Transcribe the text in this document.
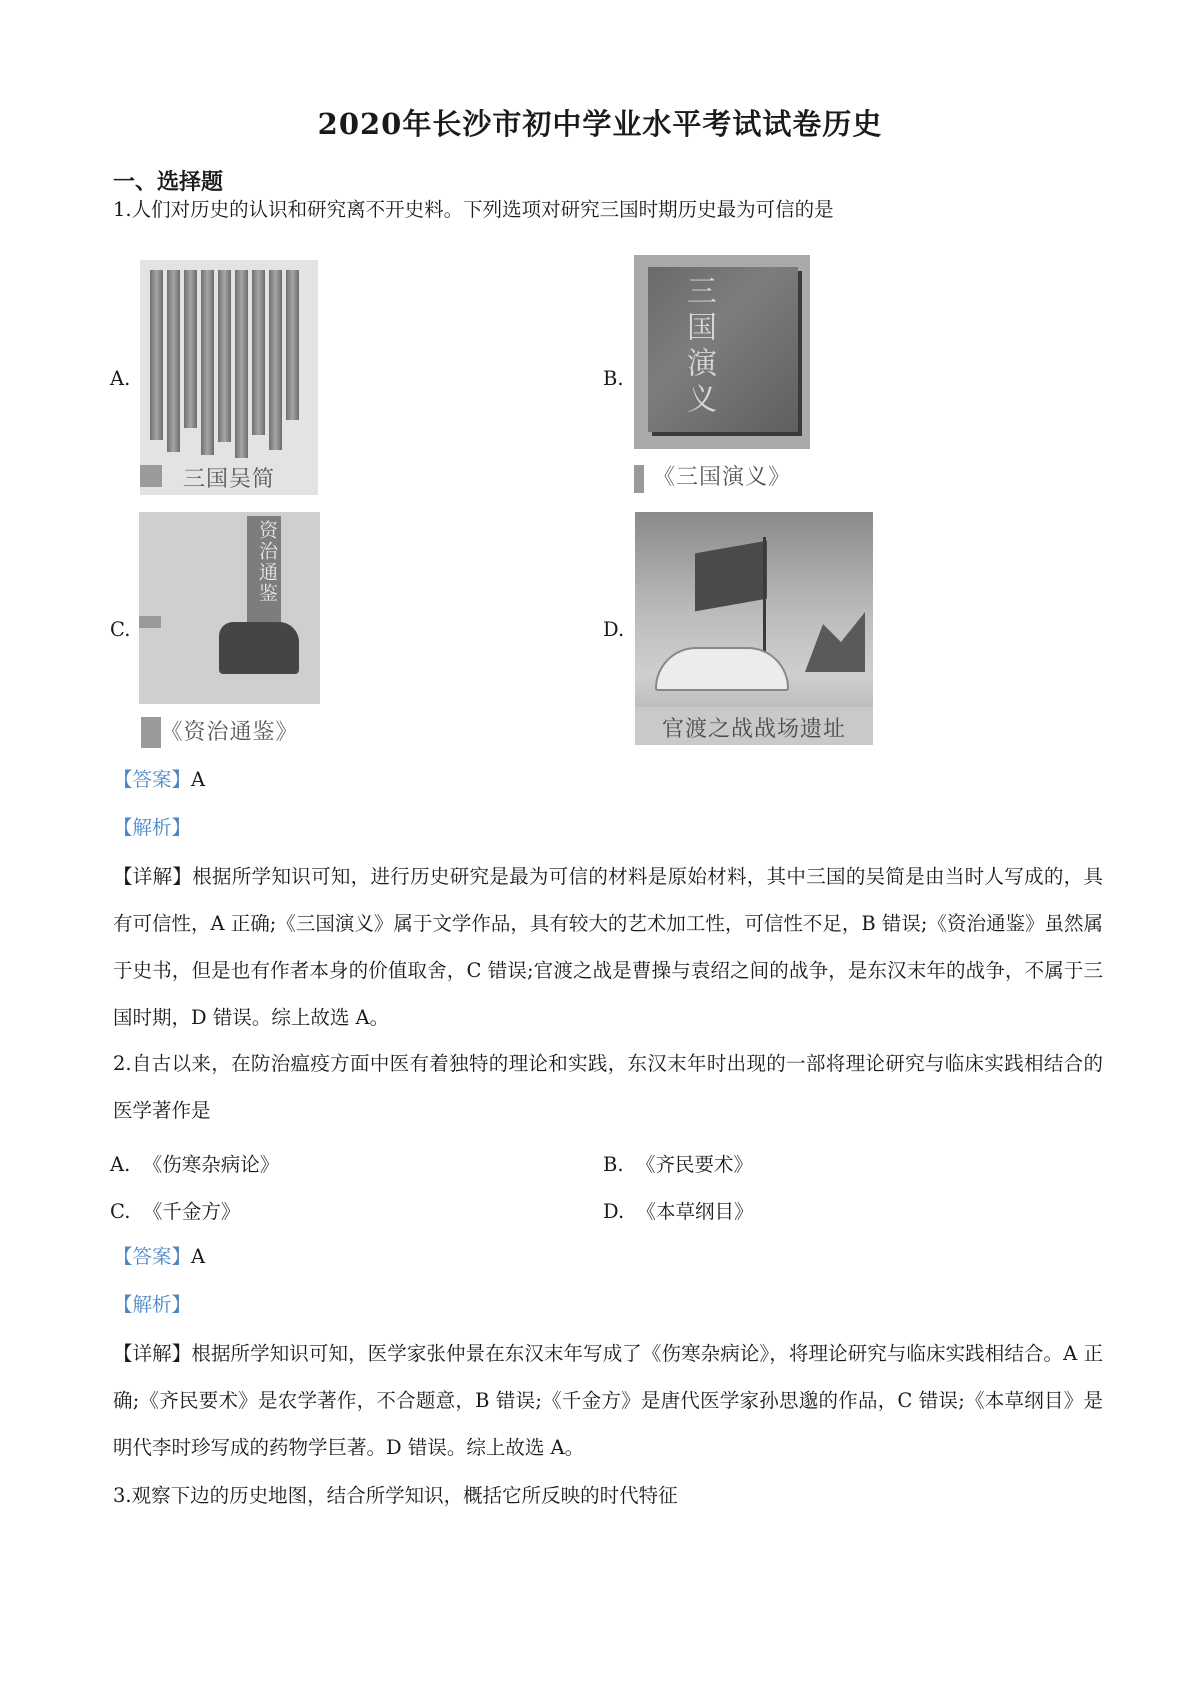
2020年长沙市初中学业水平考试试卷历史
一、选择题
1.人们对历史的认识和研究离不开史料。下列选项对研究三国时期历史最为可信的是
A.
三国吴简
B. 三国演义
《三国演义》
C.
资治通鉴
《资治通鉴》
D.
官渡之战战场遗址
【答案】A
【解析】
【详解】根据所学知识可知，进行历史研究是最为可信的材料是原始材料，其中三国的吴简是由当时人写成的，具有可信性，A 正确;《三国演义》属于文学作品，具有较大的艺术加工性，可信性不足，B 错误;《资治通鉴》虽然属于史书，但是也有作者本身的价值取舍，C 错误;官渡之战是曹操与袁绍之间的战争，是东汉末年的战争，不属于三国时期，D 错误。综上故选 A。
2.自古以来，在防治瘟疫方面中医有着独特的理论和实践，东汉末年时出现的一部将理论研究与临床实践相结合的医学著作是
A. 《伤寒杂病论》	B. 《齐民要术》
C. 《千金方》	D. 《本草纲目》
【答案】A
【解析】
【详解】根据所学知识可知，医学家张仲景在东汉末年写成了《伤寒杂病论》，将理论研究与临床实践相结合。A 正确;《齐民要术》是农学著作，不合题意，B 错误;《千金方》是唐代医学家孙思邈的作品，C 错误;《本草纲目》是明代李时珍写成的药物学巨著。D 错误。综上故选 A。
3.观察下边的历史地图，结合所学知识，概括它所反映的时代特征
